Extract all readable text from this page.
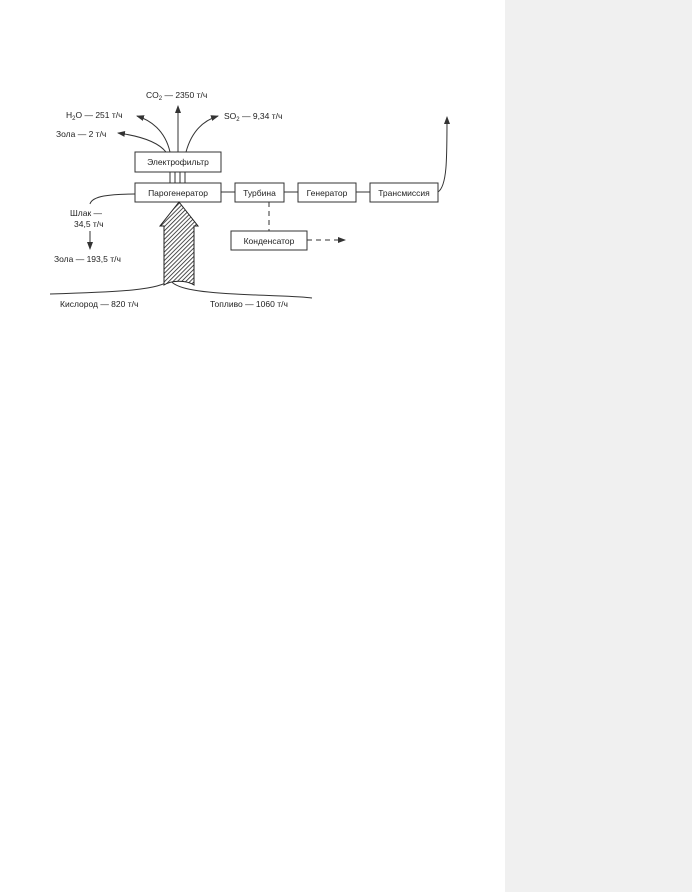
Электрофильтр
Парогенератор	Турбина	Генератор	Трансмиссия
Конденсатор
$CO_2$ — 2350 т/ч
$H_2O$ — 251 т/ч	$SO_2$ — 9,34 т/ч
Зола — 2 т/ч
Шлак —
34,5 т/ч
Зола — 193,5 т/ч
Кислород — 820 т/ч	Топливо — 1060 т/ч
